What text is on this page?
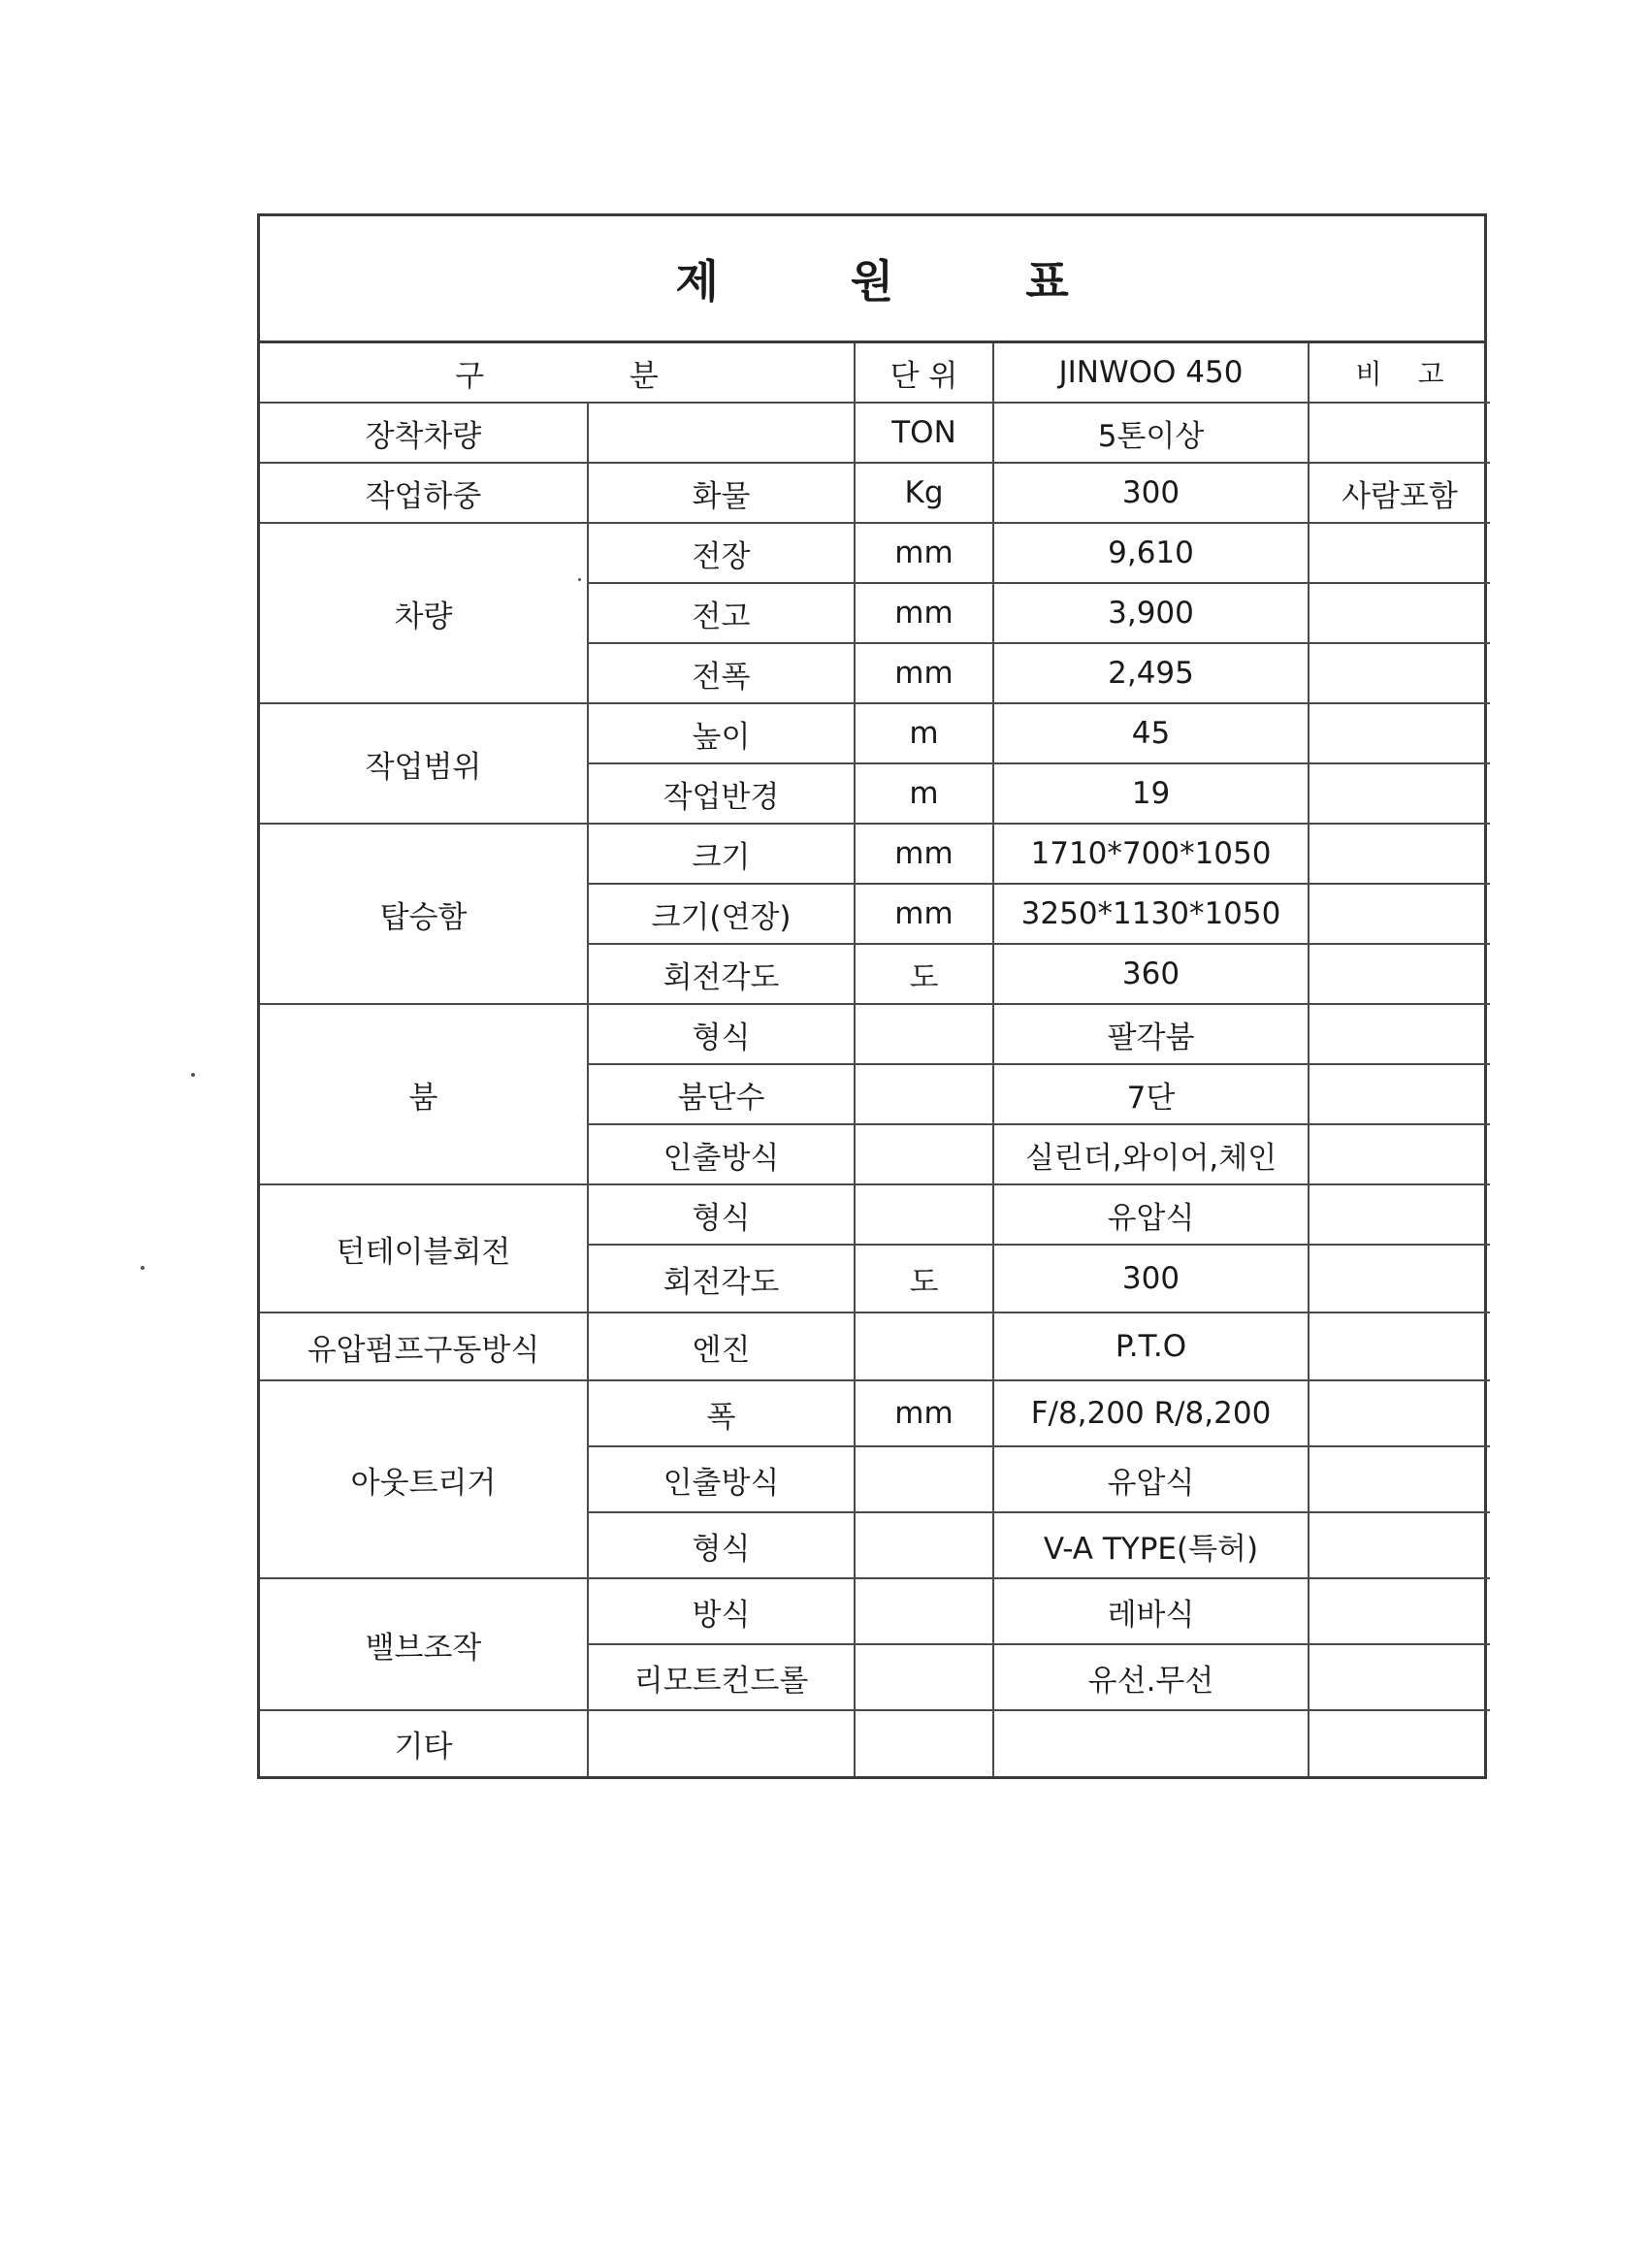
제 원 표
구 분		단 위	JINWOO 450	비 고
장착차량		TON	5톤이상	
작업하중	화물	Kg	300	사람포함
차량	전장	mm	9,610	
	전고	mm	3,900	
	전폭	mm	2,495	
작업범위	높이	m	45	
	작업반경	m	19	
탑승함	크기	mm	1710*700*1050	
	크기(연장)	mm	3250*1130*1050	
	회전각도	도	360	
붐	형식		팔각붐	
	붐단수		7단	
	인출방식		실린더,와이어,체인	
턴테이블회전	형식		유압식	
	회전각도	도	300	
유압펌프구동방식	엔진		P.T.O	
아웃트리거	폭	mm	F/8,200 R/8,200	
	인출방식		유압식	
	형식		V-A TYPE(특허)	
밸브조작	방식		레바식	
	리모트컨드롤		유선.무선	
기타				
